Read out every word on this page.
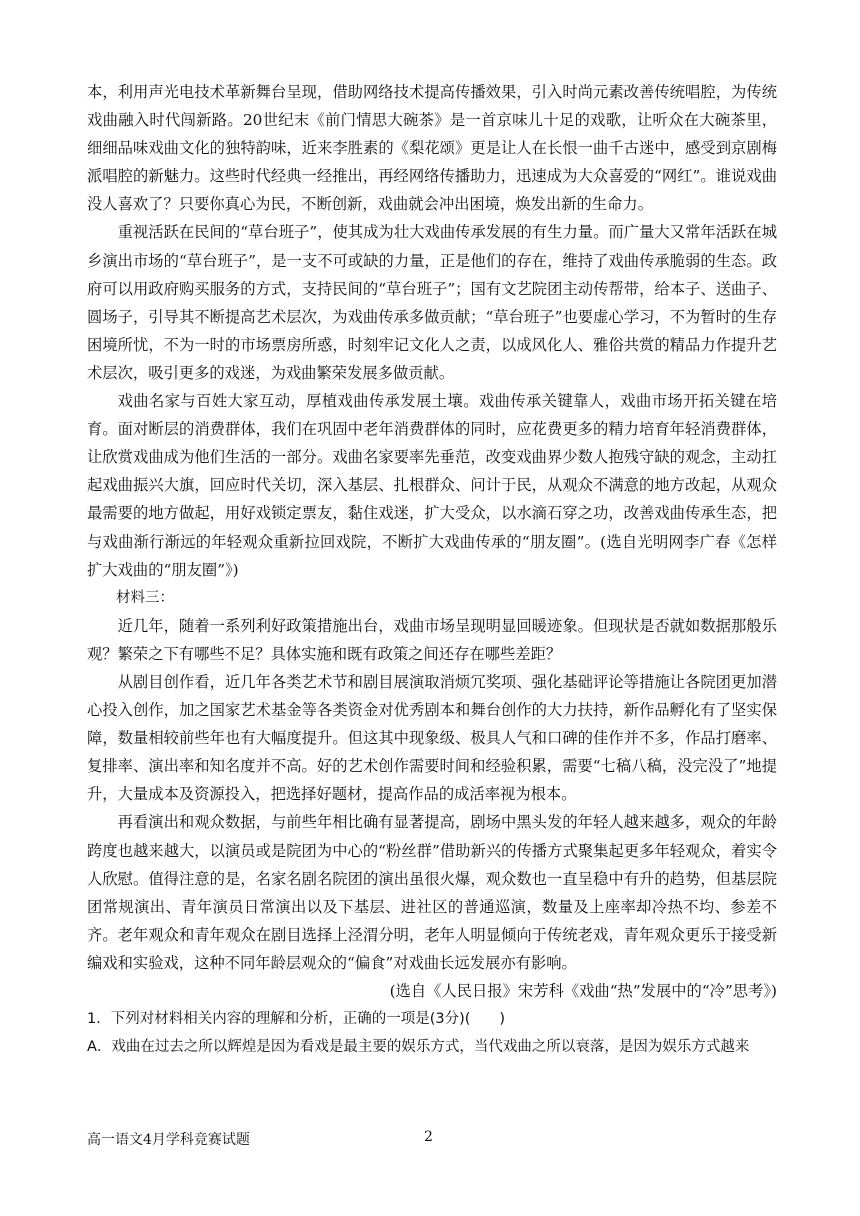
本，利用声光电技术革新舞台呈现，借助网络技术提高传播效果，引入时尚元素改善传统唱腔，为传统戏曲融入时代闯新路。20世纪末《前门情思大碗茶》是一首京味儿十足的戏歌，让听众在大碗茶里，细细品味戏曲文化的独特韵味，近来李胜素的《梨花颂》更是让人在长恨一曲千古迷中，感受到京剧梅派唱腔的新魅力。这些时代经典一经推出，再经网络传播助力，迅速成为大众喜爱的“网红”。谁说戏曲没人喜欢了？只要你真心为民，不断创新，戏曲就会冲出困境，焕发出新的生命力。

重视活跃在民间的“草台班子”，使其成为壮大戏曲传承发展的有生力量。而广量大又常年活跃在城乡演出市场的“草台班子”，是一支不可或缺的力量，正是他们的存在，维持了戏曲传承脆弱的生态。政府可以用政府购买服务的方式，支持民间的“草台班子”；国有文艺院团主动传帮带，给本子、送曲子、圆场子，引导其不断提高艺术层次，为戏曲传承多做贡献；“草台班子”也要虚心学习，不为暂时的生存困境所忧，不为一时的市场票房所惑，时刻牢记文化人之责，以成风化人、雅俗共赏的精品力作提升艺术层次，吸引更多的戏迷，为戏曲繁荣发展多做贡献。

戏曲名家与百姓大家互动，厚植戏曲传承发展土壤。戏曲传承关键靠人，戏曲市场开拓关键在培育。面对断层的消费群体，我们在巩固中老年消费群体的同时，应花费更多的精力培育年轻消费群体，让欣赏戏曲成为他们生活的一部分。戏曲名家要率先垂范，改变戏曲界少数人抱残守缺的观念，主动扛起戏曲振兴大旗，回应时代关切，深入基层、扎根群众、问计于民，从观众不满意的地方改起，从观众最需要的地方做起，用好戏锁定票友，黏住戏迷，扩大受众，以水滴石穿之功，改善戏曲传承生态，把与戏曲渐行渐远的年轻观众重新拉回戏院，不断扩大戏曲传承的“朋友圈”。(选自光明网李广春《怎样扩大戏曲的“朋友圈”》)

材料三：

近几年，随着一系列利好政策措施出台，戏曲市场呈现明显回暖迹象。但现状是否就如数据那般乐观？繁荣之下有哪些不足？具体实施和既有政策之间还存在哪些差距？

从剧目创作看，近几年各类艺术节和剧目展演取消烦冗奖项、强化基础评论等措施让各院团更加潜心投入创作，加之国家艺术基金等各类资金对优秀剧本和舞台创作的大力扶持，新作品孵化有了坚实保障，数量相较前些年也有大幅度提升。但这其中现象级、极具人气和口碑的佳作并不多，作品打磨率、复排率、演出率和知名度并不高。好的艺术创作需要时间和经验积累，需要“七稿八稿，没完没了”地提升，大量成本及资源投入，把选择好题材，提高作品的成活率视为根本。

再看演出和观众数据，与前些年相比确有显著提高，剧场中黑头发的年轻人越来越多，观众的年龄跨度也越来越大，以演员或是院团为中心的“粉丝群”借助新兴的传播方式聚集起更多年轻观众，着实令人欣慰。值得注意的是，名家名剧名院团的演出虽很火爆，观众数也一直呈稳中有升的趋势，但基层院团常规演出、青年演员日常演出以及下基层、进社区的普通巡演，数量及上座率却冷热不均、参差不齐。老年观众和青年观众在剧目选择上泾渭分明，老年人明显倾向于传统老戏，青年观众更乐于接受新编戏和实验戏，这种不同年龄层观众的“偏食”对戏曲长远发展亦有影响。

(选自《人民日报》宋芳科《戏曲“热”发展中的“冷”思考》)

1．下列对材料相关内容的理解和分析，正确的一项是(3分)(　　)

A．戏曲在过去之所以辉煌是因为看戏是最主要的娱乐方式，当代戏曲之所以衰落，是因为娱乐方式越来

高一语文4月学科竞赛试题	2
